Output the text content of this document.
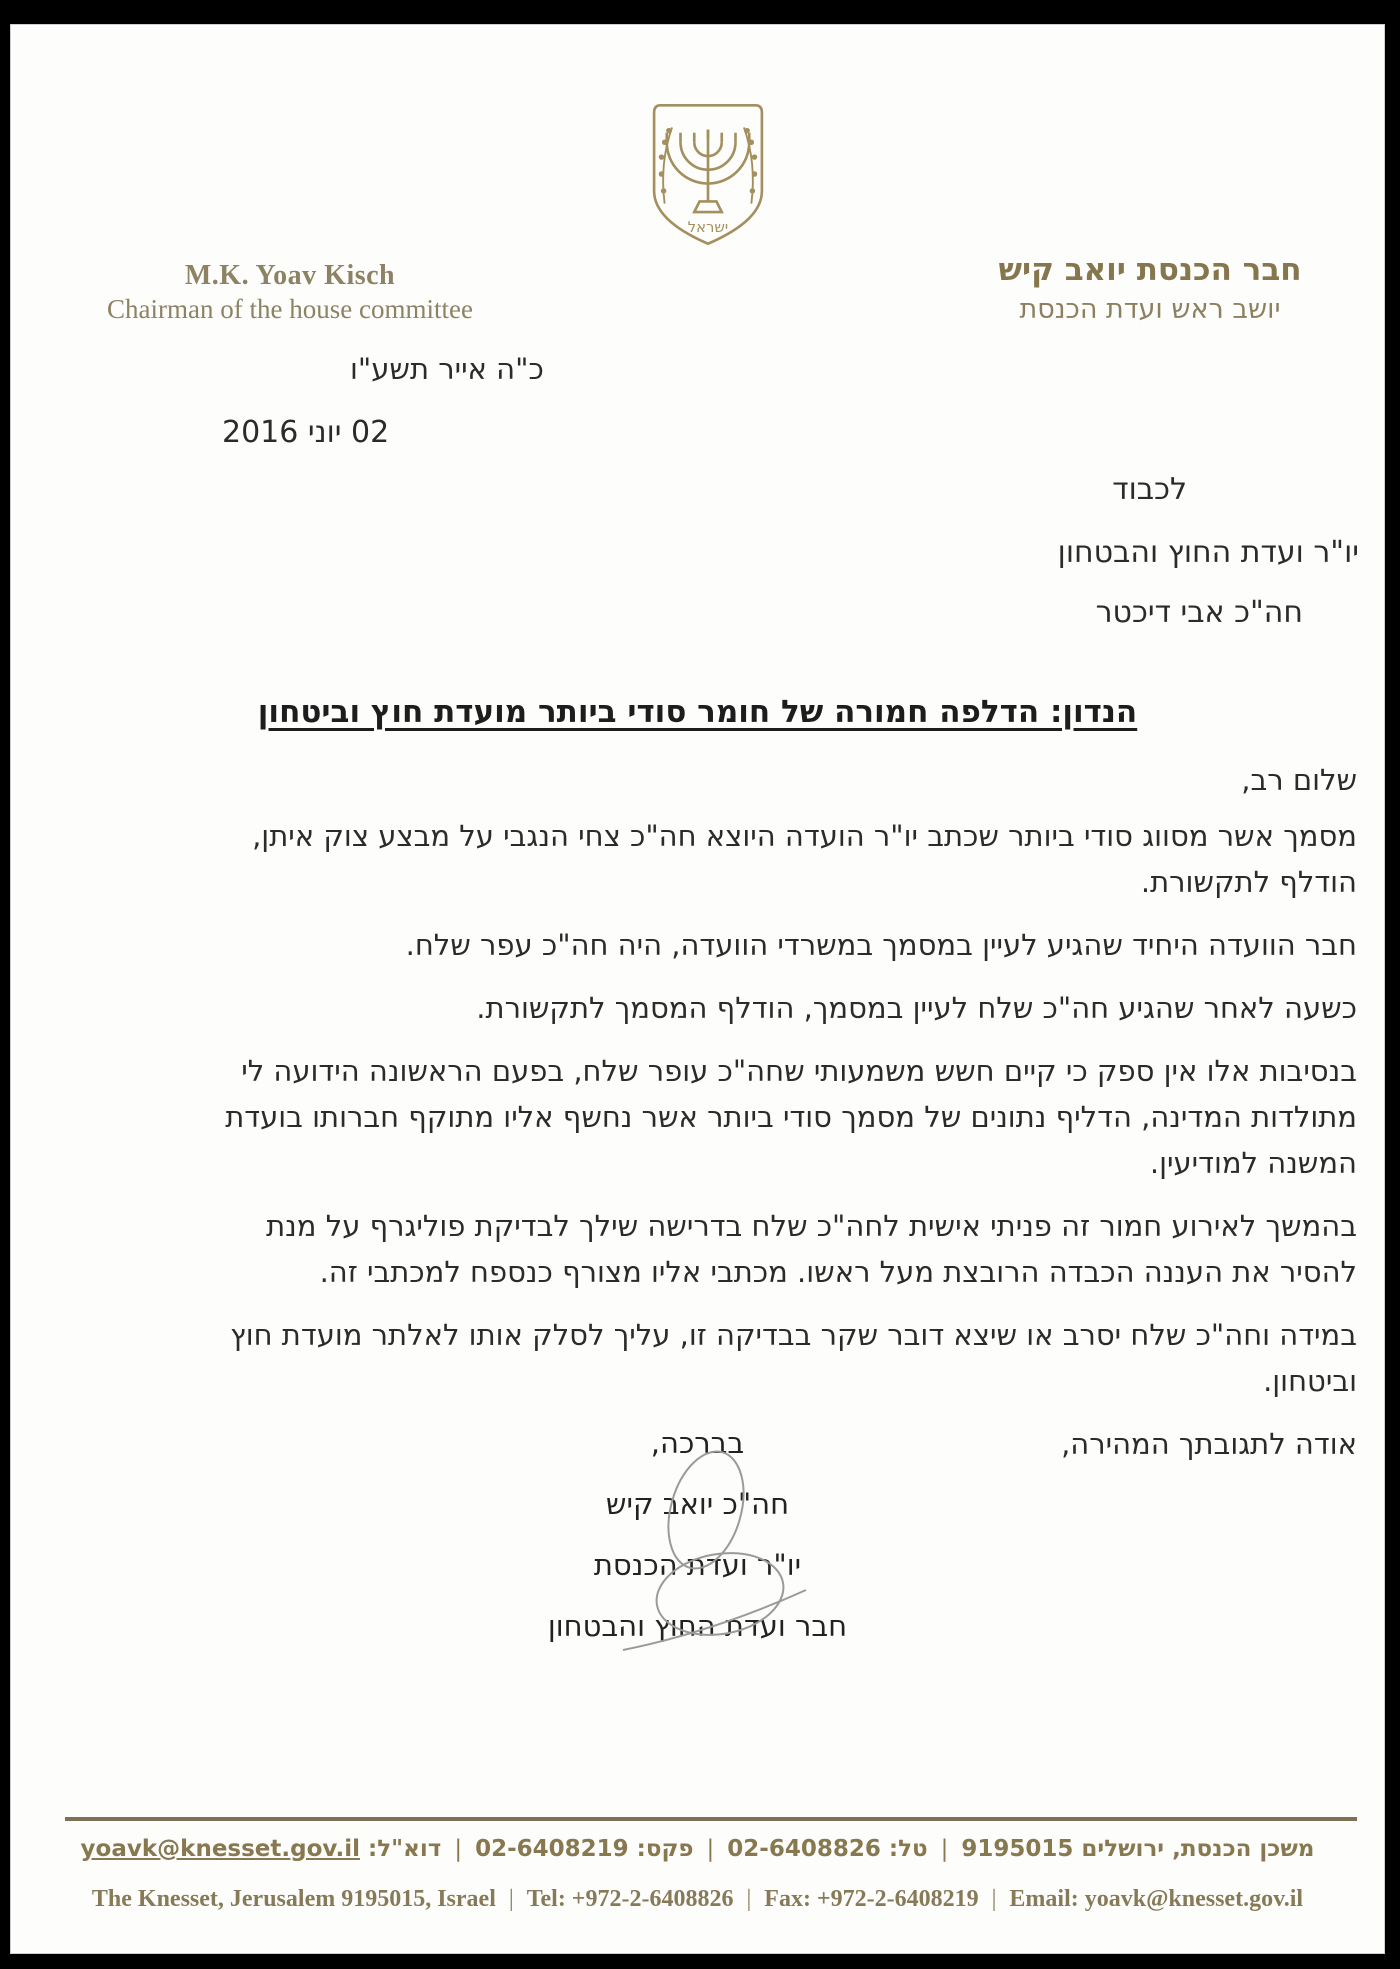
ישראל
M.K. Yoav Kisch
Chairman of the house committee
חבר הכנסת יואב קיש
יושב ראש ועדת הכנסת
כ"ה אייר תשע"ו
02 יוני 2016
לכבוד
יו"ר ועדת החוץ והבטחון
חה"כ אבי דיכטר
הנדון: הדלפה חמורה של חומר סודי ביותר מועדת חוץ וביטחון

שלום רב,

מסמך אשר מסווג סודי ביותר שכתב יו"ר הועדה היוצא חה"כ צחי הנגבי על מבצע צוק איתן, הודלף לתקשורת.

חבר הוועדה היחיד שהגיע לעיין במסמך במשרדי הוועדה, היה חה"כ עפר שלח.

כשעה לאחר שהגיע חה"כ שלח לעיין במסמך, הודלף המסמך לתקשורת.

בנסיבות אלו אין ספק כי קיים חשש משמעותי שחה"כ עופר שלח, בפעם הראשונה הידועה לי מתולדות המדינה, הדליף נתונים של מסמך סודי ביותר אשר נחשף אליו מתוקף חברותו בועדת המשנה למודיעין.

בהמשך לאירוע חמור זה פניתי אישית לחה"כ שלח בדרישה שילך לבדיקת פוליגרף על מנת להסיר את העננה הכבדה הרובצת מעל ראשו. מכתבי אליו מצורף כנספח למכתבי זה.

במידה וחה"כ שלח יסרב או שיצא דובר שקר בבדיקה זו, עליך לסלק אותו לאלתר מועדת חוץ וביטחון.

אודה לתגובתך המהירה,

בברכה,
חה"כ יואב קיש
יו"ר ועדת הכנסת
חבר ועדת החוץ והבטחון
משכן הכנסת, ירושלים 9195015|טל: 02-6408826|פקס: 02-6408219|דוא"ל: yoavk@knesset.gov.il
The Knesset, Jerusalem 9195015, Israel | Tel: +972-2-6408826 | Fax: +972-2-6408219 | Email: yoavk@knesset.gov.il
